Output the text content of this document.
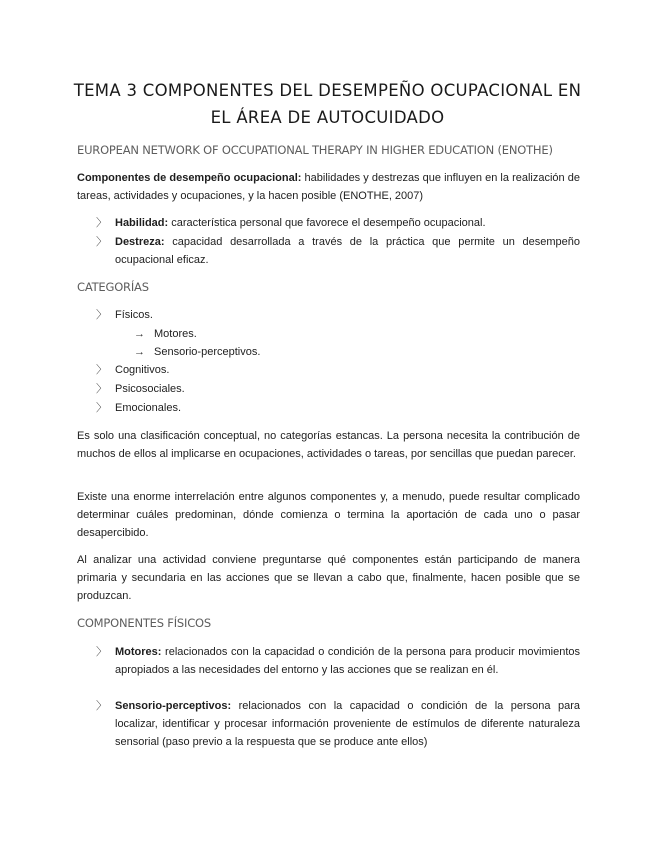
TEMA 3 COMPONENTES DEL DESEMPEÑO OCUPACIONAL EN EL ÁREA DE AUTOCUIDADO
EUROPEAN NETWORK OF OCCUPATIONAL THERAPY IN HIGHER EDUCATION (ENOTHE)
Componentes de desempeño ocupacional: habilidades y destrezas que influyen en la realización de tareas, actividades y ocupaciones, y la hacen posible (ENOTHE, 2007)
〉 Habilidad: característica personal que favorece el desempeño ocupacional.
〉 Destreza: capacidad desarrollada a través de la práctica que permite un desempeño ocupacional eficaz.
CATEGORÍAS
〉 Físicos.
→ Motores.
→ Sensorio-perceptivos.
〉 Cognitivos.
〉 Psicosociales.
〉 Emocionales.
Es solo una clasificación conceptual, no categorías estancas. La persona necesita la contribución de muchos de ellos al implicarse en ocupaciones, actividades o tareas, por sencillas que puedan parecer.
Existe una enorme interrelación entre algunos componentes y, a menudo, puede resultar complicado determinar cuáles predominan, dónde comienza o termina la aportación de cada uno o pasar desapercibido.
Al analizar una actividad conviene preguntarse qué componentes están participando de manera primaria y secundaria en las acciones que se llevan a cabo que, finalmente, hacen posible que se produzcan.
COMPONENTES FÍSICOS
〉 Motores: relacionados con la capacidad o condición de la persona para producir movimientos apropiados a las necesidades del entorno y las acciones que se realizan en él.
〉 Sensorio-perceptivos: relacionados con la capacidad o condición de la persona para localizar, identificar y procesar información proveniente de estímulos de diferente naturaleza sensorial (paso previo a la respuesta que se produce ante ellos)
